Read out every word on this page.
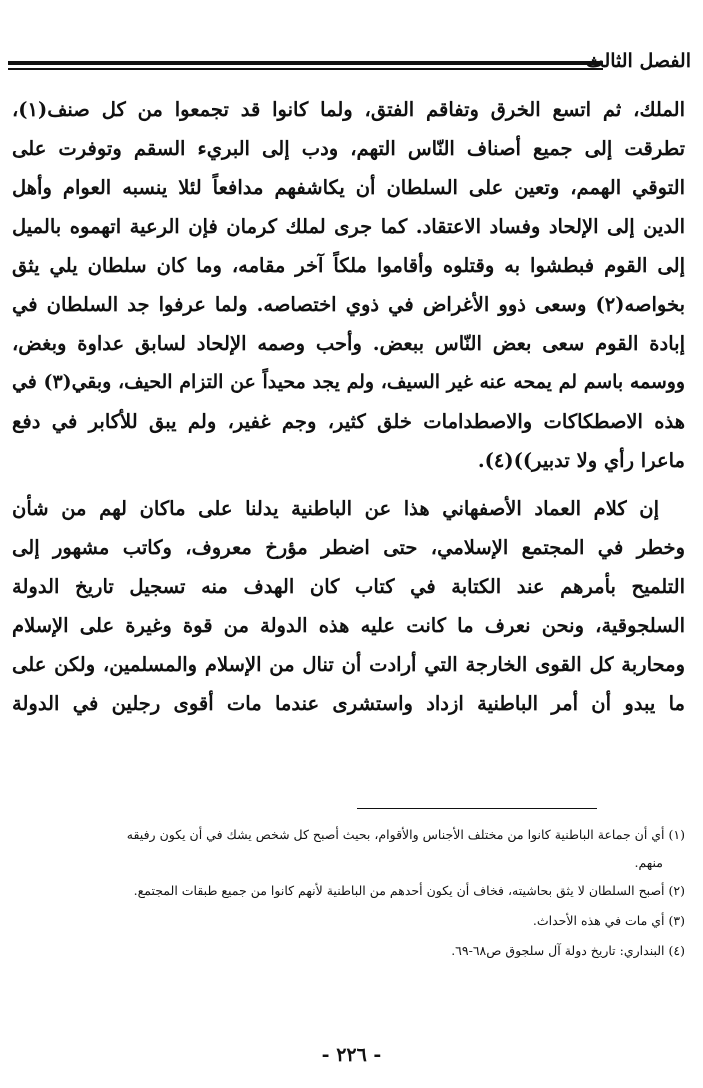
الفصل الثالث
الملك، ثم اتسع الخرق وتفاقم الفتق، ولما كانوا قد تجمعوا من كل صنف(١)،
تطرقت إلى جميع أصناف النّاس التهم، ودب إلى البريء السقم وتوفرت على
التوقي الهمم، وتعين على السلطان أن يكاشفهم مدافعاً لئلا ينسبه العوام وأهل
الدين إلى الإلحاد وفساد الاعتقاد. كما جرى لملك كرمان فإن الرعية اتهموه بالميل
إلى القوم فبطشوا به وقتلوه وأقاموا ملكاً آخر مقامه، وما كان سلطان يلي يثق
بخواصه(٢) وسعى ذوو الأغراض في ذوي اختصاصه. ولما عرفوا جد السلطان في
إبادة القوم سعى بعض النّاس ببعض. وأحب وصمه الإلحاد لسابق عداوة وبغض،
ووسمه باسم لم يمحه عنه غير السيف، ولم يجد محيداً عن التزام الحيف، وبقي(٣) في
هذه الاصطكاكات والاصطدامات خلق كثير، وجم غفير، ولم يبق للأكابر في دفع
ماعرا رأي ولا تدبير))(٤).
إن كلام العماد الأصفهاني هذا عن الباطنية يدلنا على ماكان لهم من شأن
وخطر في المجتمع الإسلامي، حتى اضطر مؤرخ معروف، وكاتب مشهور إلى
التلميح بأمرهم عند الكتابة في كتاب كان الهدف منه تسجيل تاريخ الدولة
السلجوقية، ونحن نعرف ما كانت عليه هذه الدولة من قوة وغيرة على الإسلام
ومحاربة كل القوى الخارجة التي أرادت أن تنال من الإسلام والمسلمين، ولكن على
ما يبدو أن أمر الباطنية ازداد واستشرى عندما مات أقوى رجلين في الدولة
(١) أي أن جماعة الباطنية كانوا من مختلف الأجناس والأقوام، بحيث أصبح كل شخص يشك في أن يكون رفيقه
منهم.
(٢) أصبح السلطان لا يثق بحاشيته، فخاف أن يكون أحدهم من الباطنية لأنهم كانوا من جميع طبقات المجتمع.
(٣) أي مات في هذه الأحداث.
(٤) البنداري: تاريخ دولة آل سلجوق ص٦٨-٦٩.
- ٢٢٦ -
